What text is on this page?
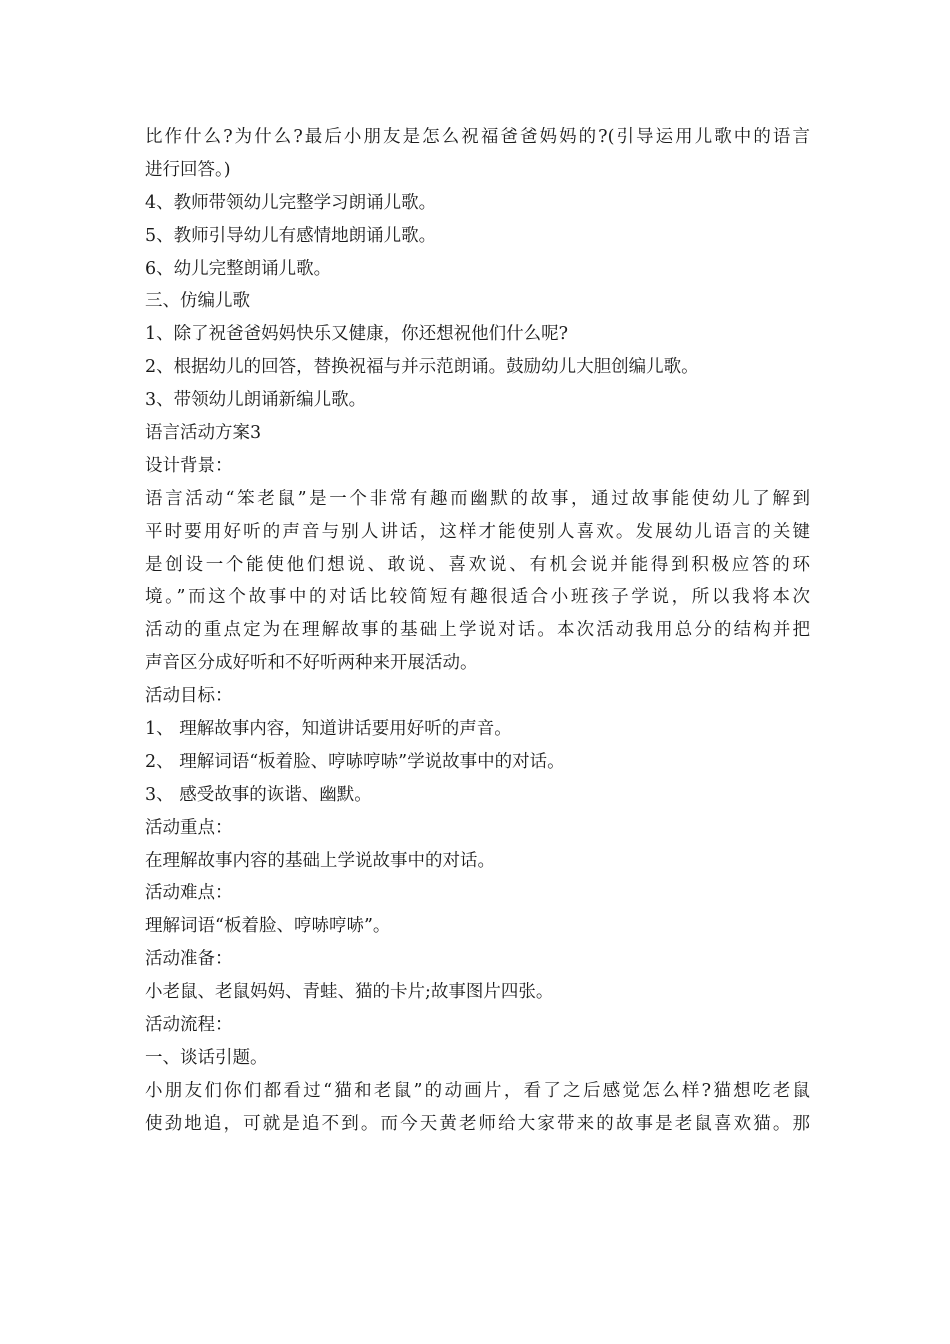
比作什么?为什么?最后小朋友是怎么祝福爸爸妈妈的?(引导运用儿歌中的语言
进行回答。)
4、教师带领幼儿完整学习朗诵儿歌。
5、教师引导幼儿有感情地朗诵儿歌。
6、幼儿完整朗诵儿歌。
三、仿编儿歌
1、除了祝爸爸妈妈快乐又健康，你还想祝他们什么呢?
2、根据幼儿的回答，替换祝福与并示范朗诵。鼓励幼儿大胆创编儿歌。
3、带领幼儿朗诵新编儿歌。
语言活动方案3
设计背景：
语言活动“笨老鼠”是一个非常有趣而幽默的故事，通过故事能使幼儿了解到
平时要用好听的声音与别人讲话，这样才能使别人喜欢。发展幼儿语言的关键
是创设一个能使他们想说、敢说、喜欢说、有机会说并能得到积极应答的环
境。”而这个故事中的对话比较简短有趣很适合小班孩子学说，所以我将本次
活动的重点定为在理解故事的基础上学说对话。本次活动我用总分的结构并把
声音区分成好听和不好听两种来开展活动。
活动目标：
1、 理解故事内容，知道讲话要用好听的声音。
2、 理解词语“板着脸、哼哧哼哧”学说故事中的对话。
3、 感受故事的诙谐、幽默。
活动重点：
在理解故事内容的基础上学说故事中的对话。
活动难点：
理解词语“板着脸、哼哧哼哧”。
活动准备：
小老鼠、老鼠妈妈、青蛙、猫的卡片;故事图片四张。
活动流程：
一、谈话引题。
小朋友们你们都看过“猫和老鼠”的动画片，看了之后感觉怎么样?猫想吃老鼠
使劲地追，可就是追不到。而今天黄老师给大家带来的故事是老鼠喜欢猫。那
